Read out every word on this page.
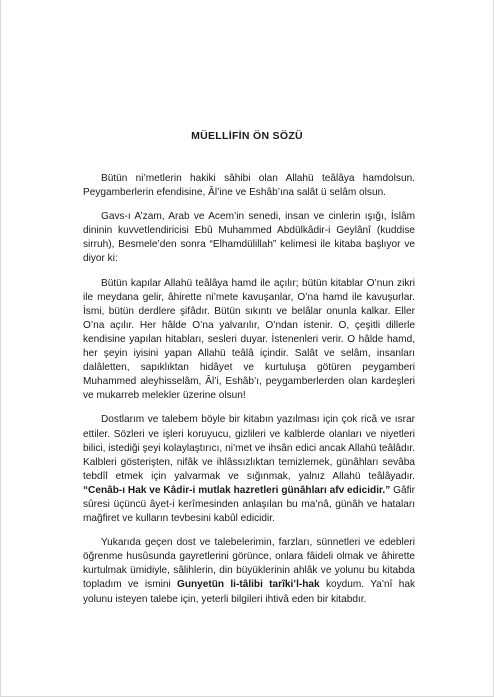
MÜELLİFİN ÖN SÖZÜ

Bütün ni’metlerin hakiki sâhibi olan Allahü teâlâya hamdolsun. Peygamberlerin efendisine, Âl’ine ve Eshâb’ına salât ü selâm olsun.

Gavs-ı A’zam, Arab ve Acem’in senedi, insan ve cinlerin ışığı, İslâm dininin kuvvetlendiricisi Ebû Muhammed Abdülkâdir-i Geylânî (kuddise sirruh), Besmele’den sonra “Elhamdülillah” kelimesi ile kitaba başlıyor ve diyor ki:

Bütün kapılar Allahü teâlâya hamd ile açılır; bütün kitablar O’nun zikri ile meydana gelir, âhirette ni’mete kavuşanlar, O’na hamd ile kavuşurlar. İsmi, bütün derdlere şifâdır. Bütün sıkıntı ve belâlar onunla kalkar. Eller O’na açılır. Her hâlde O’na yalvarılır, O’ndan istenir. O, çeşitli dillerle kendisine yapılan hitabları, sesleri duyar. İstenenleri verir. O hâlde hamd, her şeyin iyisini yapan Allahü teâlâ içindir. Salât ve selâm, insanları dalâletten, sapıklıktan hidâyet ve kurtuluşa götüren peygamberi Muhammed aleyhisselâm, Âl’i, Eshâb’ı, peygamberlerden olan kardeşleri ve mukarreb melekler üzerine olsun!

Dostlarım ve talebem böyle bir kitabın yazılması için çok ricâ ve ısrar ettiler. Sözleri ve işleri koruyucu, gizlileri ve kalblerde olanları ve niyetleri bilici, istediği şeyi kolaylaştırıcı, ni’met ve ihsân edici ancak Allahü teâlâdır. Kalbleri gösterişten, nifâk ve ihlâssızlıktan temizlemek, günâhları sevâba tebdîl etmek için yalvarmak ve sığınmak, yalnız Allahü teâlâyadır. “Cenâb-ı Hak ve Kâdir-i mutlak hazretleri günâhları afv edicidir.” Gâfir sûresi üçüncü âyet-i kerîmesinden anlaşılan bu ma’nâ, günâh ve hataları mağfiret ve kulların tevbesini kabûl edicidir.

Yukarıda geçen dost ve talebelerimin, farzları, sünnetleri ve edebleri öğrenme husûsunda gayretlerini görünce, onlara fâideli olmak ve âhirette kurtulmak ümidiyle, sâlihlerin, din büyüklerinin ahlâk ve yolunu bu kitabda topladım ve ismini Gunyetün li-tâlibi tarîki’l-hak koydum. Ya’nî hak yolunu isteyen talebe için, yeterli bilgileri ihtivâ eden bir kitabdır.
